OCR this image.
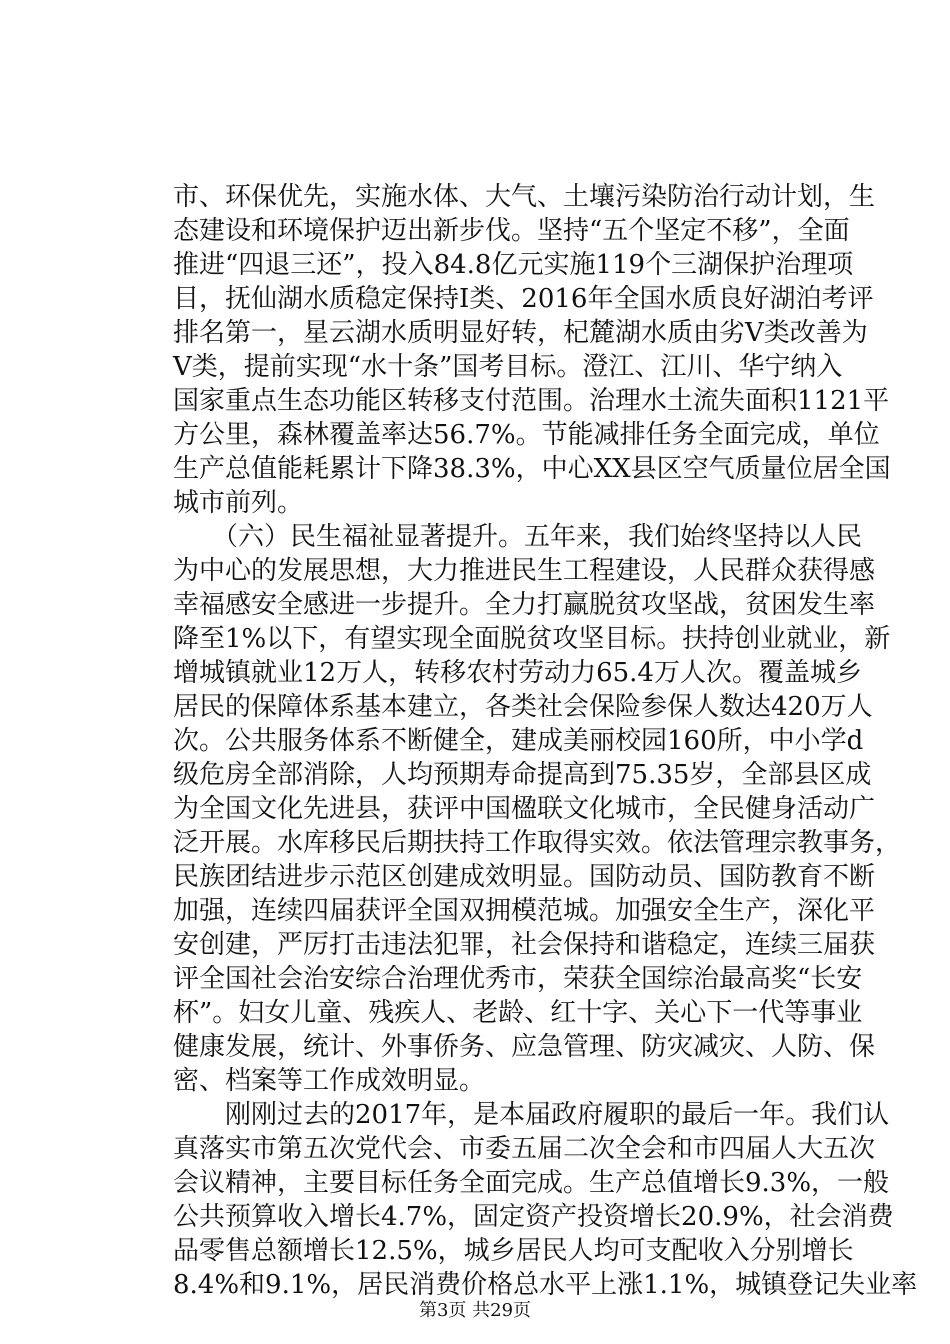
市、环保优先，实施水体、大气、土壤污染防治行动计划，生
态建设和环境保护迈出新步伐。坚持“五个坚定不移”，全面
推进“四退三还”，投入84.8亿元实施119个三湖保护治理项
目，抚仙湖水质稳定保持Ⅰ类、2016年全国水质良好湖泊考评
排名第一，星云湖水质明显好转，杞麓湖水质由劣Ⅴ类改善为
Ⅴ类，提前实现“水十条”国考目标。澄江、江川、华宁纳入
国家重点生态功能区转移支付范围。治理水土流失面积1121平
方公里，森林覆盖率达56.7%。节能减排任务全面完成，单位
生产总值能耗累计下降38.3%，中心XX县区空气质量位居全国
城市前列。
　　（六）民生福祉显著提升。五年来，我们始终坚持以人民
为中心的发展思想，大力推进民生工程建设，人民群众获得感
幸福感安全感进一步提升。全力打赢脱贫攻坚战，贫困发生率
降至1%以下，有望实现全面脱贫攻坚目标。扶持创业就业，新
增城镇就业12万人，转移农村劳动力65.4万人次。覆盖城乡
居民的保障体系基本建立，各类社会保险参保人数达420万人
次。公共服务体系不断健全，建成美丽校园160所，中小学d
级危房全部消除，人均预期寿命提高到75.35岁，全部县区成
为全国文化先进县，获评中国楹联文化城市，全民健身活动广
泛开展。水库移民后期扶持工作取得实效。依法管理宗教事务，
民族团结进步示范区创建成效明显。国防动员、国防教育不断
加强，连续四届获评全国双拥模范城。加强安全生产，深化平
安创建，严厉打击违法犯罪，社会保持和谐稳定，连续三届获
评全国社会治安综合治理优秀市，荣获全国综治最高奖“长安
杯”。妇女儿童、残疾人、老龄、红十字、关心下一代等事业
健康发展，统计、外事侨务、应急管理、防灾减灾、人防、保
密、档案等工作成效明显。
　　刚刚过去的2017年，是本届政府履职的最后一年。我们认
真落实市第五次党代会、市委五届二次全会和市四届人大五次
会议精神，主要目标任务全面完成。生产总值增长9.3%，一般
公共预算收入增长4.7%，固定资产投资增长20.9%，社会消费
品零售总额增长12.5%，城乡居民人均可支配收入分别增长
8.4%和9.1%，居民消费价格总水平上涨1.1%，城镇登记失业率
第3页 共29页
